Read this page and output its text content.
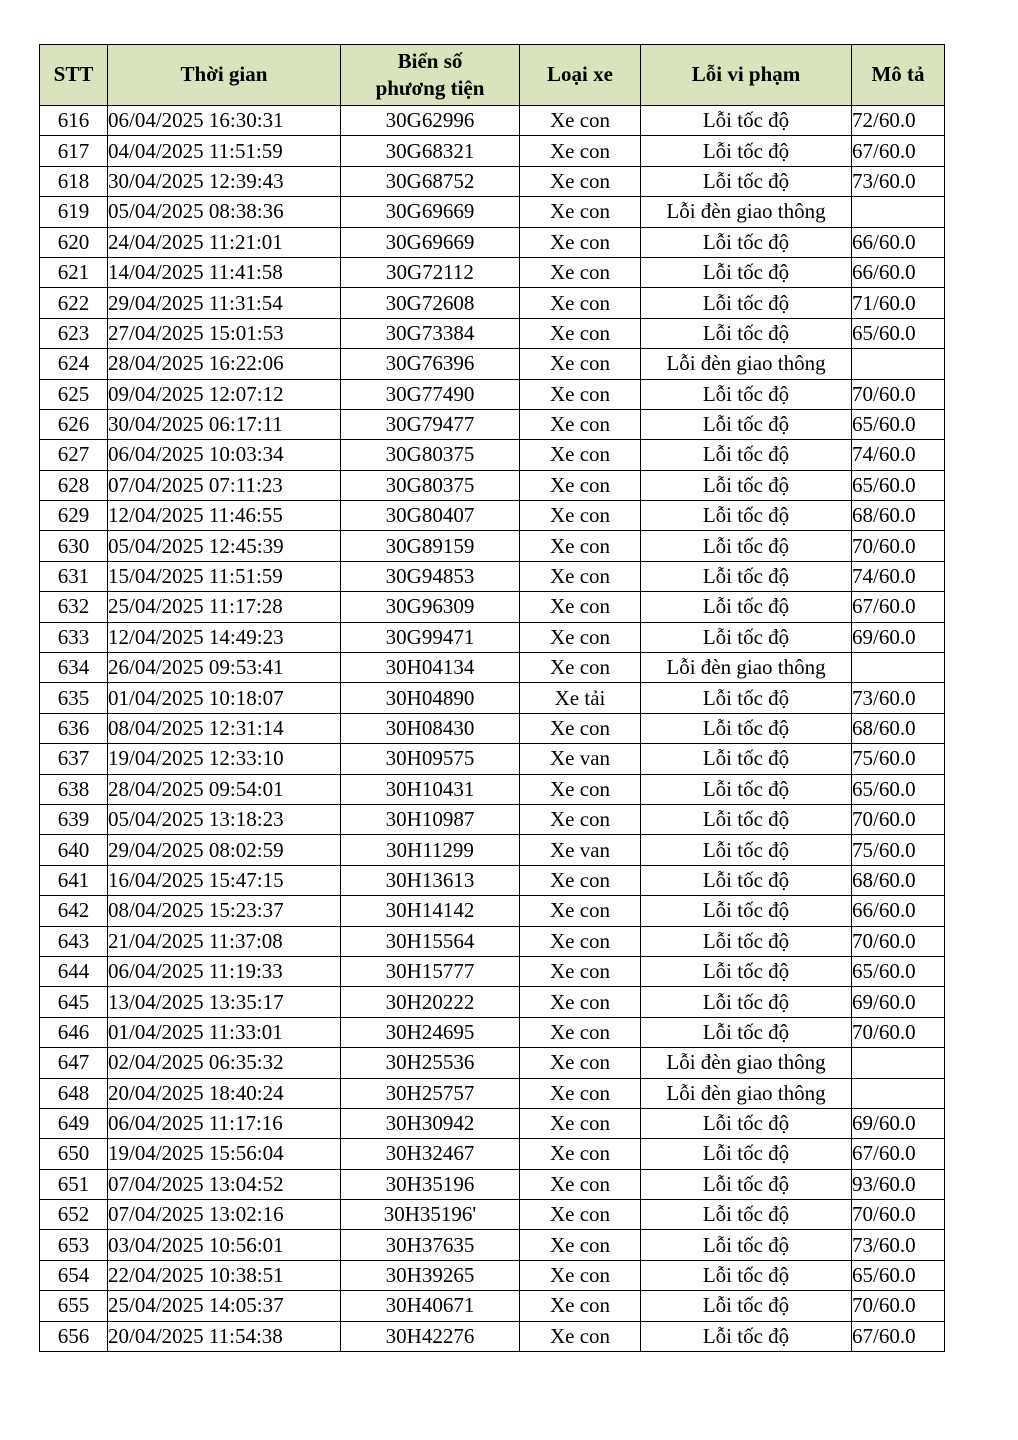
STT	Thời gian	Biển số
phương tiện	Loại xe	Lỗi vi phạm	Mô tả
616	06/04/2025 16:30:31	30G62996	Xe con	Lỗi tốc độ	72/60.0
617	04/04/2025 11:51:59	30G68321	Xe con	Lỗi tốc độ	67/60.0
618	30/04/2025 12:39:43	30G68752	Xe con	Lỗi tốc độ	73/60.0
619	05/04/2025 08:38:36	30G69669	Xe con	Lỗi đèn giao thông	
620	24/04/2025 11:21:01	30G69669	Xe con	Lỗi tốc độ	66/60.0
621	14/04/2025 11:41:58	30G72112	Xe con	Lỗi tốc độ	66/60.0
622	29/04/2025 11:31:54	30G72608	Xe con	Lỗi tốc độ	71/60.0
623	27/04/2025 15:01:53	30G73384	Xe con	Lỗi tốc độ	65/60.0
624	28/04/2025 16:22:06	30G76396	Xe con	Lỗi đèn giao thông	
625	09/04/2025 12:07:12	30G77490	Xe con	Lỗi tốc độ	70/60.0
626	30/04/2025 06:17:11	30G79477	Xe con	Lỗi tốc độ	65/60.0
627	06/04/2025 10:03:34	30G80375	Xe con	Lỗi tốc độ	74/60.0
628	07/04/2025 07:11:23	30G80375	Xe con	Lỗi tốc độ	65/60.0
629	12/04/2025 11:46:55	30G80407	Xe con	Lỗi tốc độ	68/60.0
630	05/04/2025 12:45:39	30G89159	Xe con	Lỗi tốc độ	70/60.0
631	15/04/2025 11:51:59	30G94853	Xe con	Lỗi tốc độ	74/60.0
632	25/04/2025 11:17:28	30G96309	Xe con	Lỗi tốc độ	67/60.0
633	12/04/2025 14:49:23	30G99471	Xe con	Lỗi tốc độ	69/60.0
634	26/04/2025 09:53:41	30H04134	Xe con	Lỗi đèn giao thông	
635	01/04/2025 10:18:07	30H04890	Xe tải	Lỗi tốc độ	73/60.0
636	08/04/2025 12:31:14	30H08430	Xe con	Lỗi tốc độ	68/60.0
637	19/04/2025 12:33:10	30H09575	Xe van	Lỗi tốc độ	75/60.0
638	28/04/2025 09:54:01	30H10431	Xe con	Lỗi tốc độ	65/60.0
639	05/04/2025 13:18:23	30H10987	Xe con	Lỗi tốc độ	70/60.0
640	29/04/2025 08:02:59	30H11299	Xe van	Lỗi tốc độ	75/60.0
641	16/04/2025 15:47:15	30H13613	Xe con	Lỗi tốc độ	68/60.0
642	08/04/2025 15:23:37	30H14142	Xe con	Lỗi tốc độ	66/60.0
643	21/04/2025 11:37:08	30H15564	Xe con	Lỗi tốc độ	70/60.0
644	06/04/2025 11:19:33	30H15777	Xe con	Lỗi tốc độ	65/60.0
645	13/04/2025 13:35:17	30H20222	Xe con	Lỗi tốc độ	69/60.0
646	01/04/2025 11:33:01	30H24695	Xe con	Lỗi tốc độ	70/60.0
647	02/04/2025 06:35:32	30H25536	Xe con	Lỗi đèn giao thông	
648	20/04/2025 18:40:24	30H25757	Xe con	Lỗi đèn giao thông	
649	06/04/2025 11:17:16	30H30942	Xe con	Lỗi tốc độ	69/60.0
650	19/04/2025 15:56:04	30H32467	Xe con	Lỗi tốc độ	67/60.0
651	07/04/2025 13:04:52	30H35196	Xe con	Lỗi tốc độ	93/60.0
652	07/04/2025 13:02:16	30H35196'	Xe con	Lỗi tốc độ	70/60.0
653	03/04/2025 10:56:01	30H37635	Xe con	Lỗi tốc độ	73/60.0
654	22/04/2025 10:38:51	30H39265	Xe con	Lỗi tốc độ	65/60.0
655	25/04/2025 14:05:37	30H40671	Xe con	Lỗi tốc độ	70/60.0
656	20/04/2025 11:54:38	30H42276	Xe con	Lỗi tốc độ	67/60.0
